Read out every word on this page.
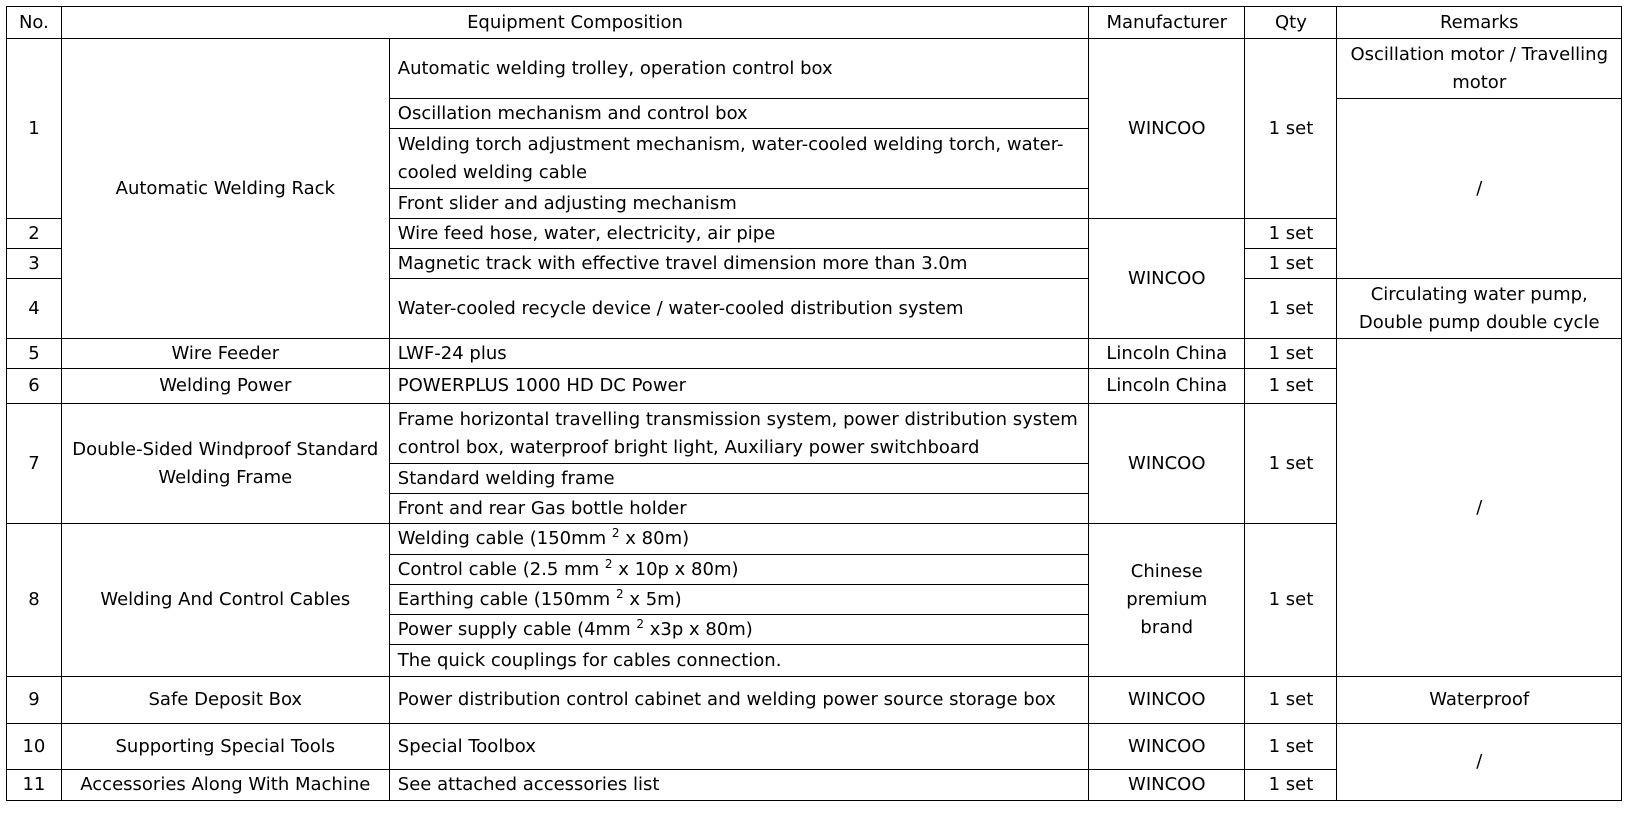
No.	Equipment Composition		Manufacturer	Qty	Remarks
1	Automatic Welding Rack	Automatic welding trolley, operation control box	WINCOO	1 set	Oscillation motor / Travelling motor
		Oscillation mechanism and control box			/
		Welding torch adjustment mechanism, water-cooled welding torch, water-cooled welding cable			
		Front slider and adjusting mechanism			
2		Wire feed hose, water, electricity, air pipe	WINCOO	1 set	
3		Magnetic track with effective travel dimension more than 3.0m		1 set	
4		Water-cooled recycle device / water-cooled distribution system		1 set	Circulating water pump, Double pump double cycle
5	Wire Feeder	LWF-24 plus	Lincoln China	1 set	/
6	Welding Power	POWERPLUS 1000 HD DC Power	Lincoln China	1 set	
7	Double-Sided Windproof Standard Welding Frame	Frame horizontal travelling transmission system, power distribution system control box, waterproof bright light, Auxiliary power switchboard	WINCOO	1 set	
		Standard welding frame			
		Front and rear Gas bottle holder			
8	Welding And Control Cables	Welding cable (150mm $^2$ x 80m)	Chinese premium brand	1 set	
		Control cable (2.5 mm $^2$ x 10p x 80m)			
		Earthing cable (150mm $^2$ x 5m)			
		Power supply cable (4mm $^2$ x3p x 80m)			
		The quick couplings for cables connection.			
9	Safe Deposit Box	Power distribution control cabinet and welding power source storage box	WINCOO	1 set	Waterproof
10	Supporting Special Tools	Special Toolbox	WINCOO	1 set	/
11	Accessories Along With Machine	See attached accessories list	WINCOO	1 set	
